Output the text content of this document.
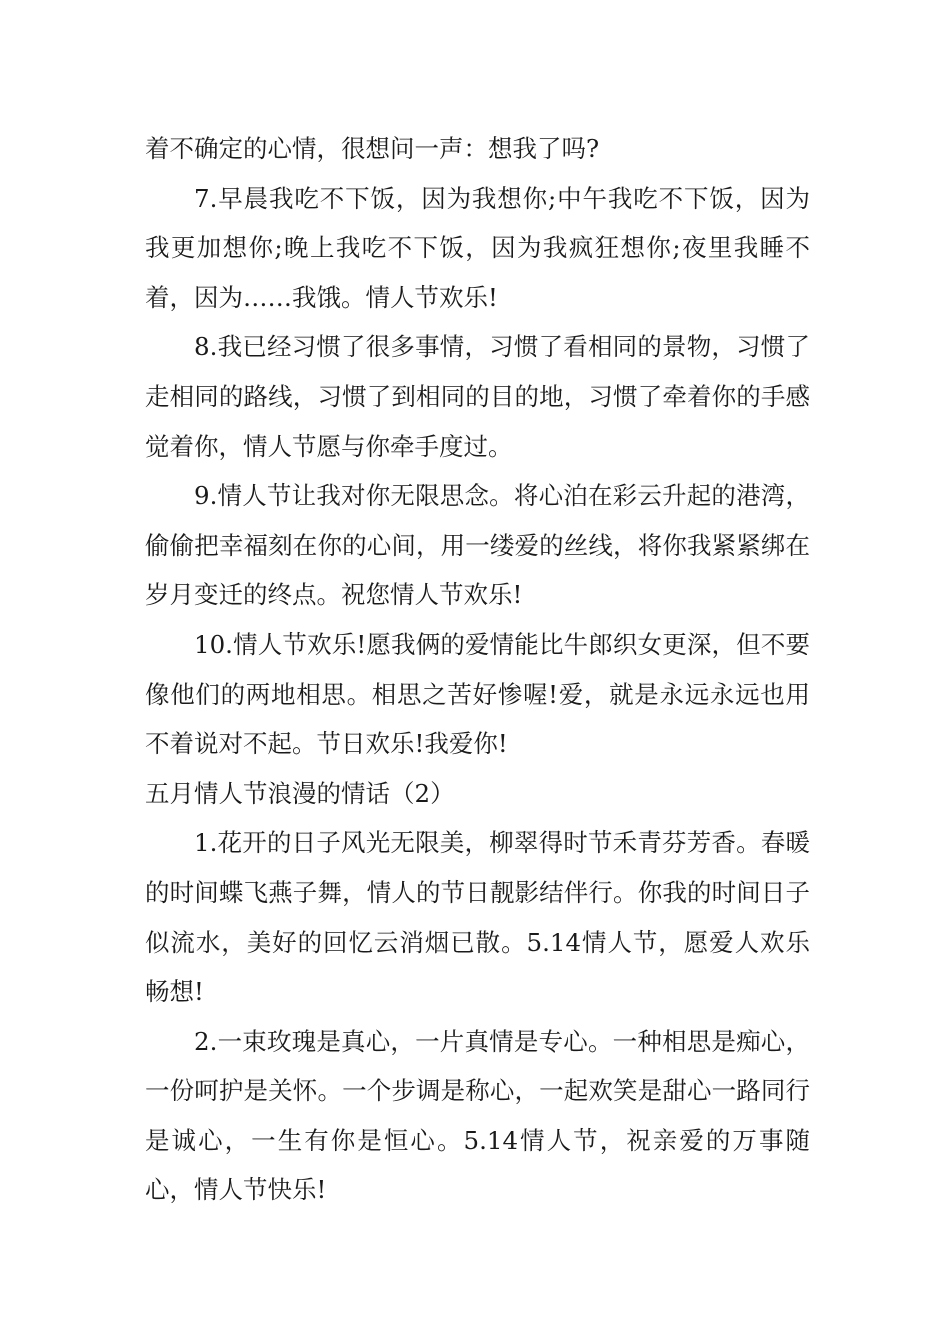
着不确定的心情，很想问一声：想我了吗?

7.早晨我吃不下饭，因为我想你;中午我吃不下饭，因为我更加想你;晚上我吃不下饭，因为我疯狂想你;夜里我睡不着，因为……我饿。情人节欢乐!

8.我已经习惯了很多事情，习惯了看相同的景物，习惯了走相同的路线，习惯了到相同的目的地，习惯了牵着你的手感觉着你，情人节愿与你牵手度过。

9.情人节让我对你无限思念。将心泊在彩云升起的港湾，偷偷把幸福刻在你的心间，用一缕爱的丝线，将你我紧紧绑在岁月变迁的终点。祝您情人节欢乐!

10.情人节欢乐!愿我俩的爱情能比牛郎织女更深，但不要像他们的两地相思。相思之苦好惨喔!爱，就是永远永远也用不着说对不起。节日欢乐!我爱你!

五月情人节浪漫的情话（2）

1.花开的日子风光无限美，柳翠得时节禾青芬芳香。春暖的时间蝶飞燕子舞，情人的节日靓影结伴行。你我的时间日子似流水，美好的回忆云消烟已散。5.14情人节，愿爱人欢乐畅想!

2.一束玫瑰是真心，一片真情是专心。一种相思是痴心，一份呵护是关怀。一个步调是称心，一起欢笑是甜心一路同行是诚心，一生有你是恒心。5.14情人节，祝亲爱的万事随心，情人节快乐!
